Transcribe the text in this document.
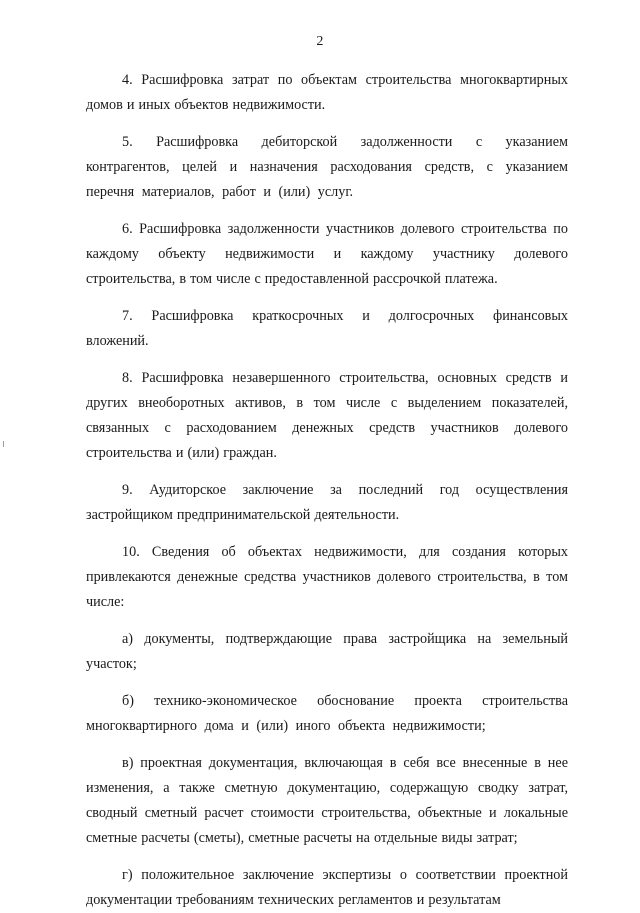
2

4. Расшифровка затрат по объектам строительства многоквартирных домов и иных объектов недвижимости.

5. Расшифровка дебиторской задолженности с указанием контрагентов, целей и назначения расходования средств, с указанием перечня материалов, работ и (или) услуг.

6. Расшифровка задолженности участников долевого строительства по каждому объекту недвижимости и каждому участнику долевого строительства, в том числе с предоставленной рассрочкой платежа.

7. Расшифровка краткосрочных и долгосрочных финансовых вложений.

8. Расшифровка незавершенного строительства, основных средств и других внеоборотных активов, в том числе с выделением показателей, связанных с расходованием денежных средств участников долевого строительства и (или) граждан.

9. Аудиторское заключение за последний год осуществления застройщиком предпринимательской деятельности.

10. Сведения об объектах недвижимости, для создания которых привлекаются денежные средства участников долевого строительства, в том числе:

а) документы, подтверждающие права застройщика на земельный участок;

б) технико-экономическое обоснование проекта строительства многоквартирного дома и (или) иного объекта недвижимости;

в) проектная документация, включающая в себя все внесенные в нее изменения, а также сметную документацию, содержащую сводку затрат, сводный сметный расчет стоимости строительства, объектные и локальные сметные расчеты (сметы), сметные расчеты на отдельные виды затрат;

г) положительное заключение экспертизы о соответствии проектной документации требованиям технических регламентов и результатам
